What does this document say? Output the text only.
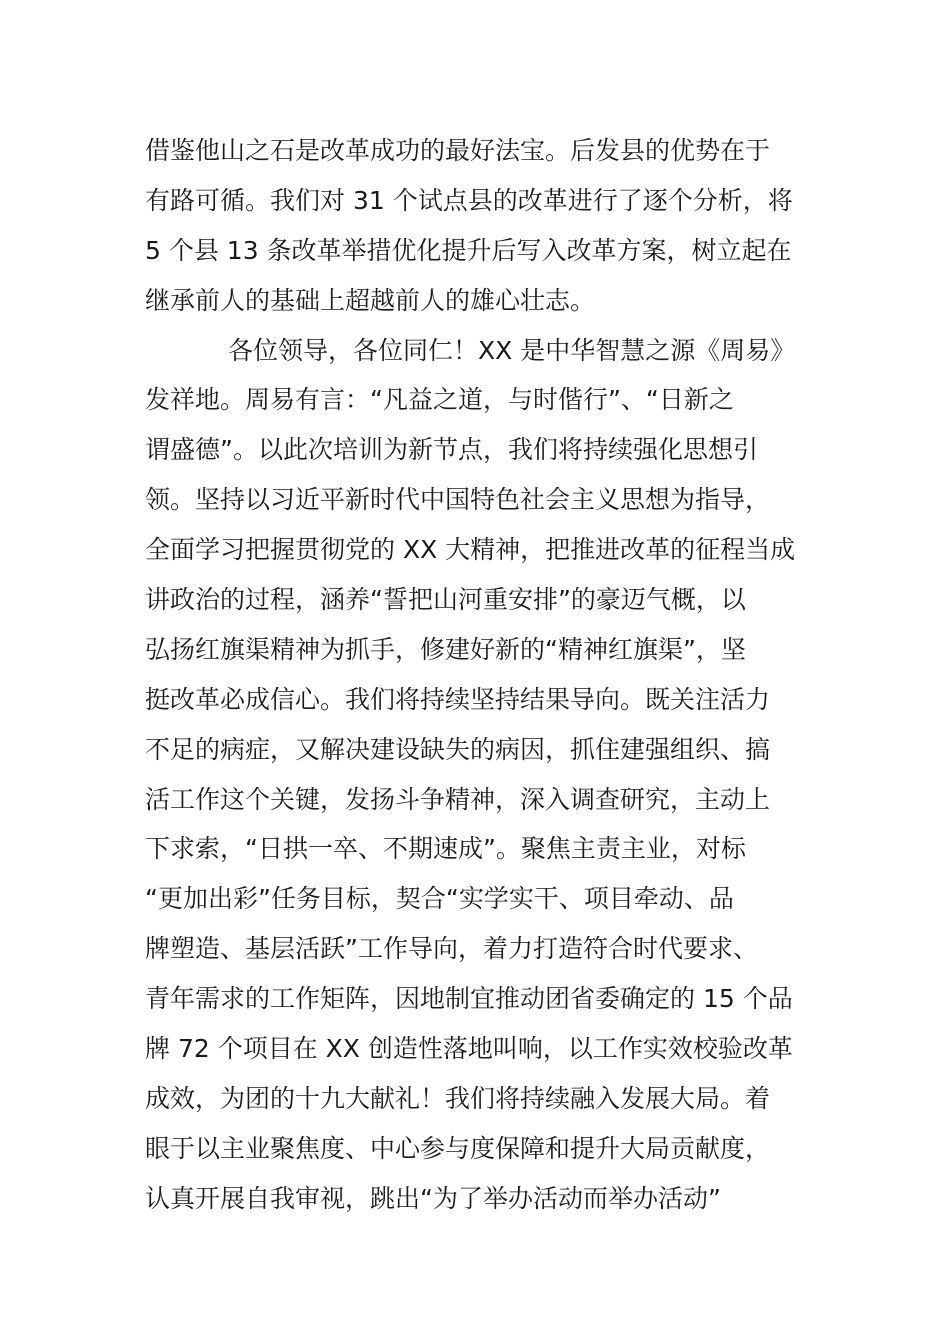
借鉴他山之石是改革成功的最好法宝。后发县的优势在于
有路可循。我们对 31 个试点县的改革进行了逐个分析，将
5 个县 13 条改革举措优化提升后写入改革方案，树立起在
继承前人的基础上超越前人的雄心壮志。
各位领导，各位同仁！XX 是中华智慧之源《周易》
发祥地。周易有言：“凡益之道，与时偕行”、“日新之
谓盛德”。以此次培训为新节点，我们将持续强化思想引
领。坚持以习近平新时代中国特色社会主义思想为指导，
全面学习把握贯彻党的 XX 大精神，把推进改革的征程当成
讲政治的过程，涵养“誓把山河重安排”的豪迈气概，以
弘扬红旗渠精神为抓手，修建好新的“精神红旗渠”，坚
挺改革必成信心。我们将持续坚持结果导向。既关注活力
不足的病症，又解决建设缺失的病因，抓住建强组织、搞
活工作这个关键，发扬斗争精神，深入调查研究，主动上
下求索，“日拱一卒、不期速成”。聚焦主责主业，对标
“更加出彩”任务目标，契合“实学实干、项目牵动、品
牌塑造、基层活跃”工作导向，着力打造符合时代要求、
青年需求的工作矩阵，因地制宜推动团省委确定的 15 个品
牌 72 个项目在 XX 创造性落地叫响，以工作实效校验改革
成效，为团的十九大献礼！我们将持续融入发展大局。着
眼于以主业聚焦度、中心参与度保障和提升大局贡献度，
认真开展自我审视，跳出“为了举办活动而举办活动”
